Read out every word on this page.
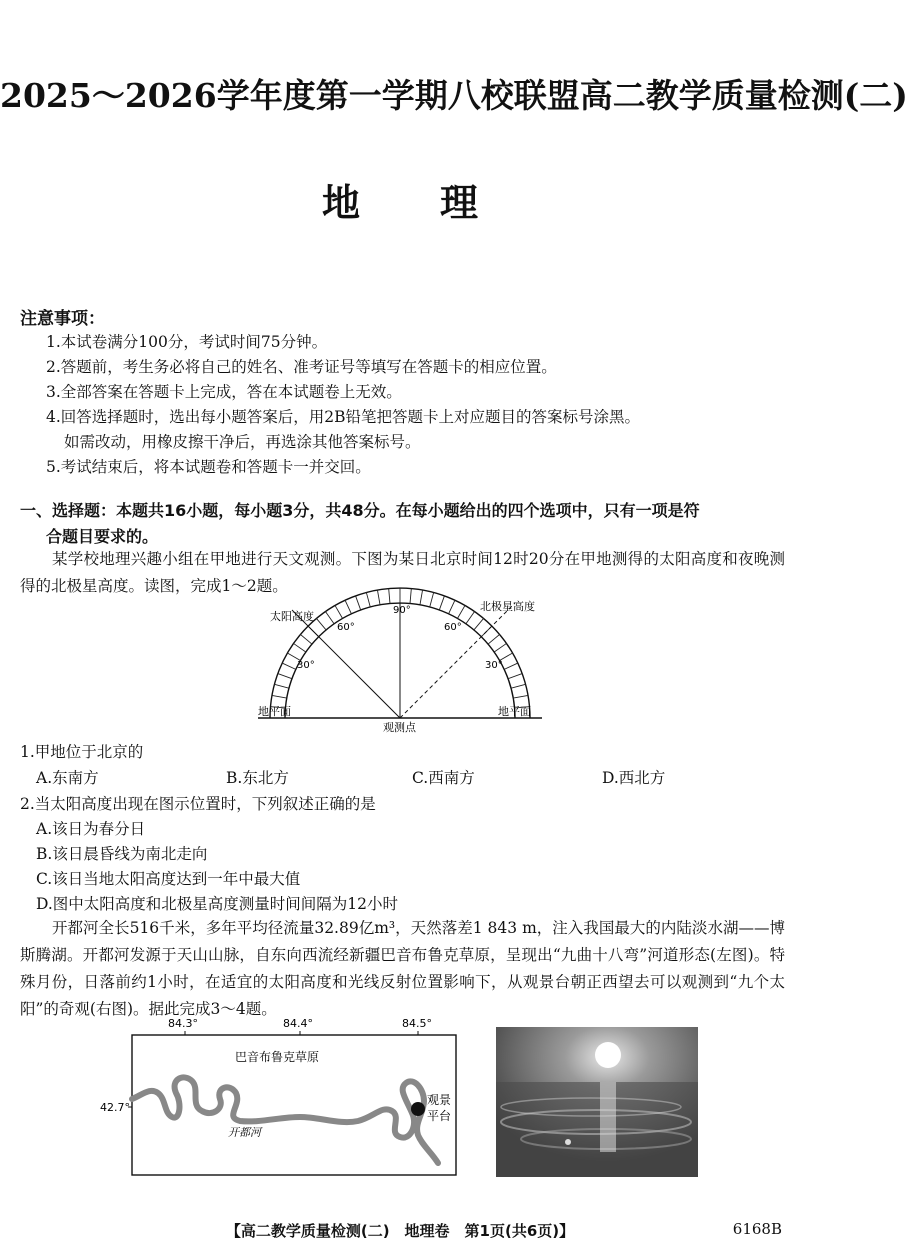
2025～2026学年度第一学期八校联盟高二教学质量检测(二)
地理
注意事项：
1.本试卷满分100分，考试时间75分钟。
2.答题前，考生务必将自己的姓名、准考证号等填写在答题卡的相应位置。
3.全部答案在答题卡上完成，答在本试题卷上无效。
4.回答选择题时，选出每小题答案后，用2B铅笔把答题卡上对应题目的答案标号涂黑。
如需改动，用橡皮擦干净后，再选涂其他答案标号。
5.考试结束后，将本试题卷和答题卡一并交回。
一、选择题：本题共16小题，每小题3分，共48分。在每小题给出的四个选项中，只有一项是符
合题目要求的。
某学校地理兴趣小组在甲地进行天文观测。下图为某日北京时间12时20分在甲地测得的太阳高度和夜晚测得的北极星高度。读图，完成1～2题。
太阳高度
北极星高度
90°
60°	60°
30°	30°
地平面	地平面
观测点
1.甲地位于北京的
A.东南方	B.东北方	C.西南方	D.西北方
2.当太阳高度出现在图示位置时，下列叙述正确的是
A.该日为春分日
B.该日晨昏线为南北走向
C.该日当地太阳高度达到一年中最大值
D.图中太阳高度和北极星高度测量时间间隔为12小时
开都河全长516千米，多年平均径流量32.89亿m³，天然落差1 843 m，注入我国最大的内陆淡水湖——博斯腾湖。开都河发源于天山山脉，自东向西流经新疆巴音布鲁克草原，呈现出“九曲十八弯”河道形态(左图)。特殊月份，日落前约1小时，在适宜的太阳高度和光线反射位置影响下，从观景台朝正西望去可以观测到“九个太阳”的奇观(右图)。据此完成3～4题。
84.3°	84.4°	84.5°
42.7°
巴音布鲁克草原
开都河
观景
平台
【高二教学质量检测(二)　地理卷　第1页(共6页)】	6168B
